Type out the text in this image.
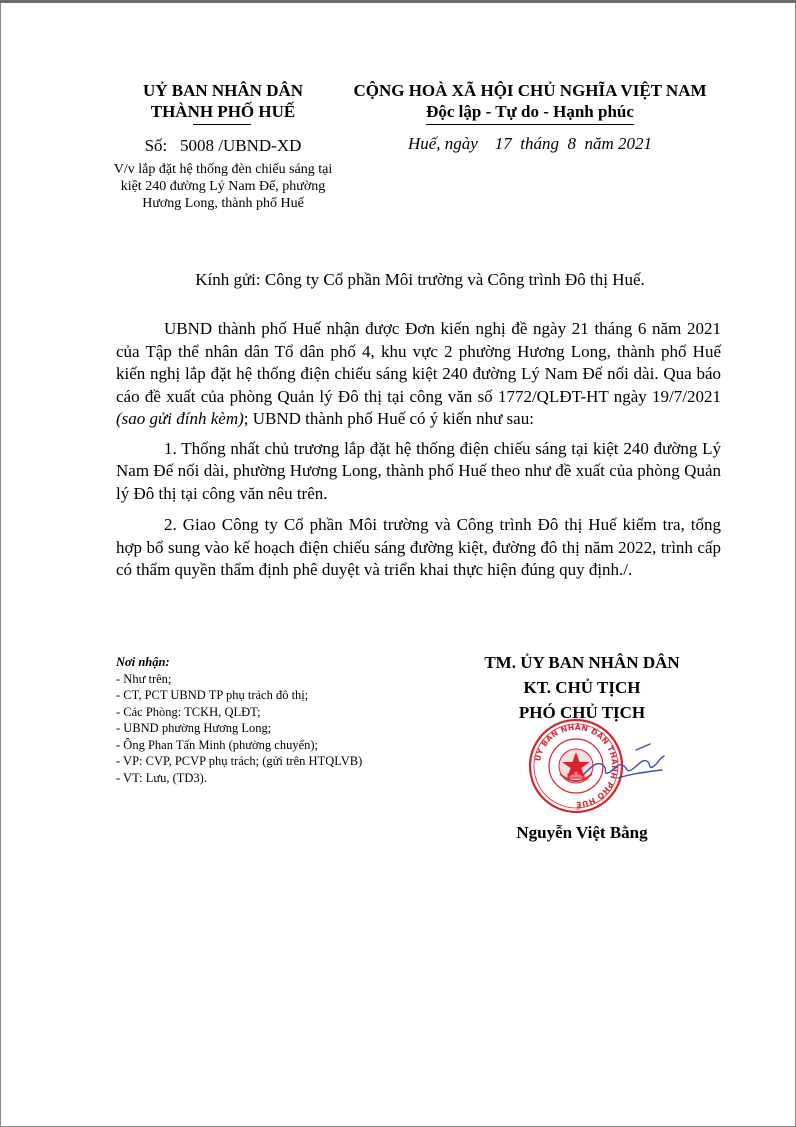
UỶ BAN NHÂN DÂN
THÀNH PHỐ HUẾ
Số:   5008 /UBND-XD
V/v lắp đặt hệ thống đèn chiếu sáng tại kiệt 240 đường Lý Nam Đế, phường Hương Long, thành phố Huế
CỘNG HOÀ XÃ HỘI CHỦ NGHĨA VIỆT NAM
Độc lập - Tự do - Hạnh phúc
Huế, ngày    17  tháng  8  năm 2021
Kính gửi: Công ty Cổ phần Môi trường và Công trình Đô thị Huế.

UBND thành phố Huế nhận được Đơn kiến nghị đề ngày 21 tháng 6 năm 2021 của Tập thể nhân dân Tổ dân phố 4, khu vực 2 phường Hương Long, thành phố Huế kiến nghị lắp đặt hệ thống điện chiếu sáng kiệt 240 đường Lý Nam Đế nối dài. Qua báo cáo đề xuất của phòng Quản lý Đô thị tại công văn số 1772/QLĐT-HT ngày 19/7/2021 (sao gửi đính kèm); UBND thành phố Huế có ý kiến như sau:

1. Thống nhất chủ trương lắp đặt hệ thống điện chiếu sáng tại kiệt 240 đường Lý Nam Đế nối dài, phường Hương Long, thành phố Huế theo như đề xuất của phòng Quản lý Đô thị tại công văn nêu trên.

2. Giao Công ty Cổ phần Môi trường và Công trình Đô thị Huế kiểm tra, tổng hợp bổ sung vào kế hoạch điện chiếu sáng đường kiệt, đường đô thị năm 2022, trình cấp có thẩm quyền thẩm định phê duyệt và triển khai thực hiện đúng quy định./.

Nơi nhận:
- Như trên;
- CT, PCT UBND TP phụ trách đô thị;
- Các Phòng: TCKH, QLĐT;
- UBND phường Hương Long;
- Ông Phan Tấn Minh (phường chuyển);
- VP: CVP, PCVP phụ trách; (gửi trên HTQLVB)
- VT: Lưu, (TD3).
TM. ỦY BAN NHÂN DÂN
KT. CHỦ TỊCH
PHÓ CHỦ TỊCH
ỦY BAN NHÂN DÂN THÀNH PHỐ HUẾ
Nguyễn Việt Bằng
